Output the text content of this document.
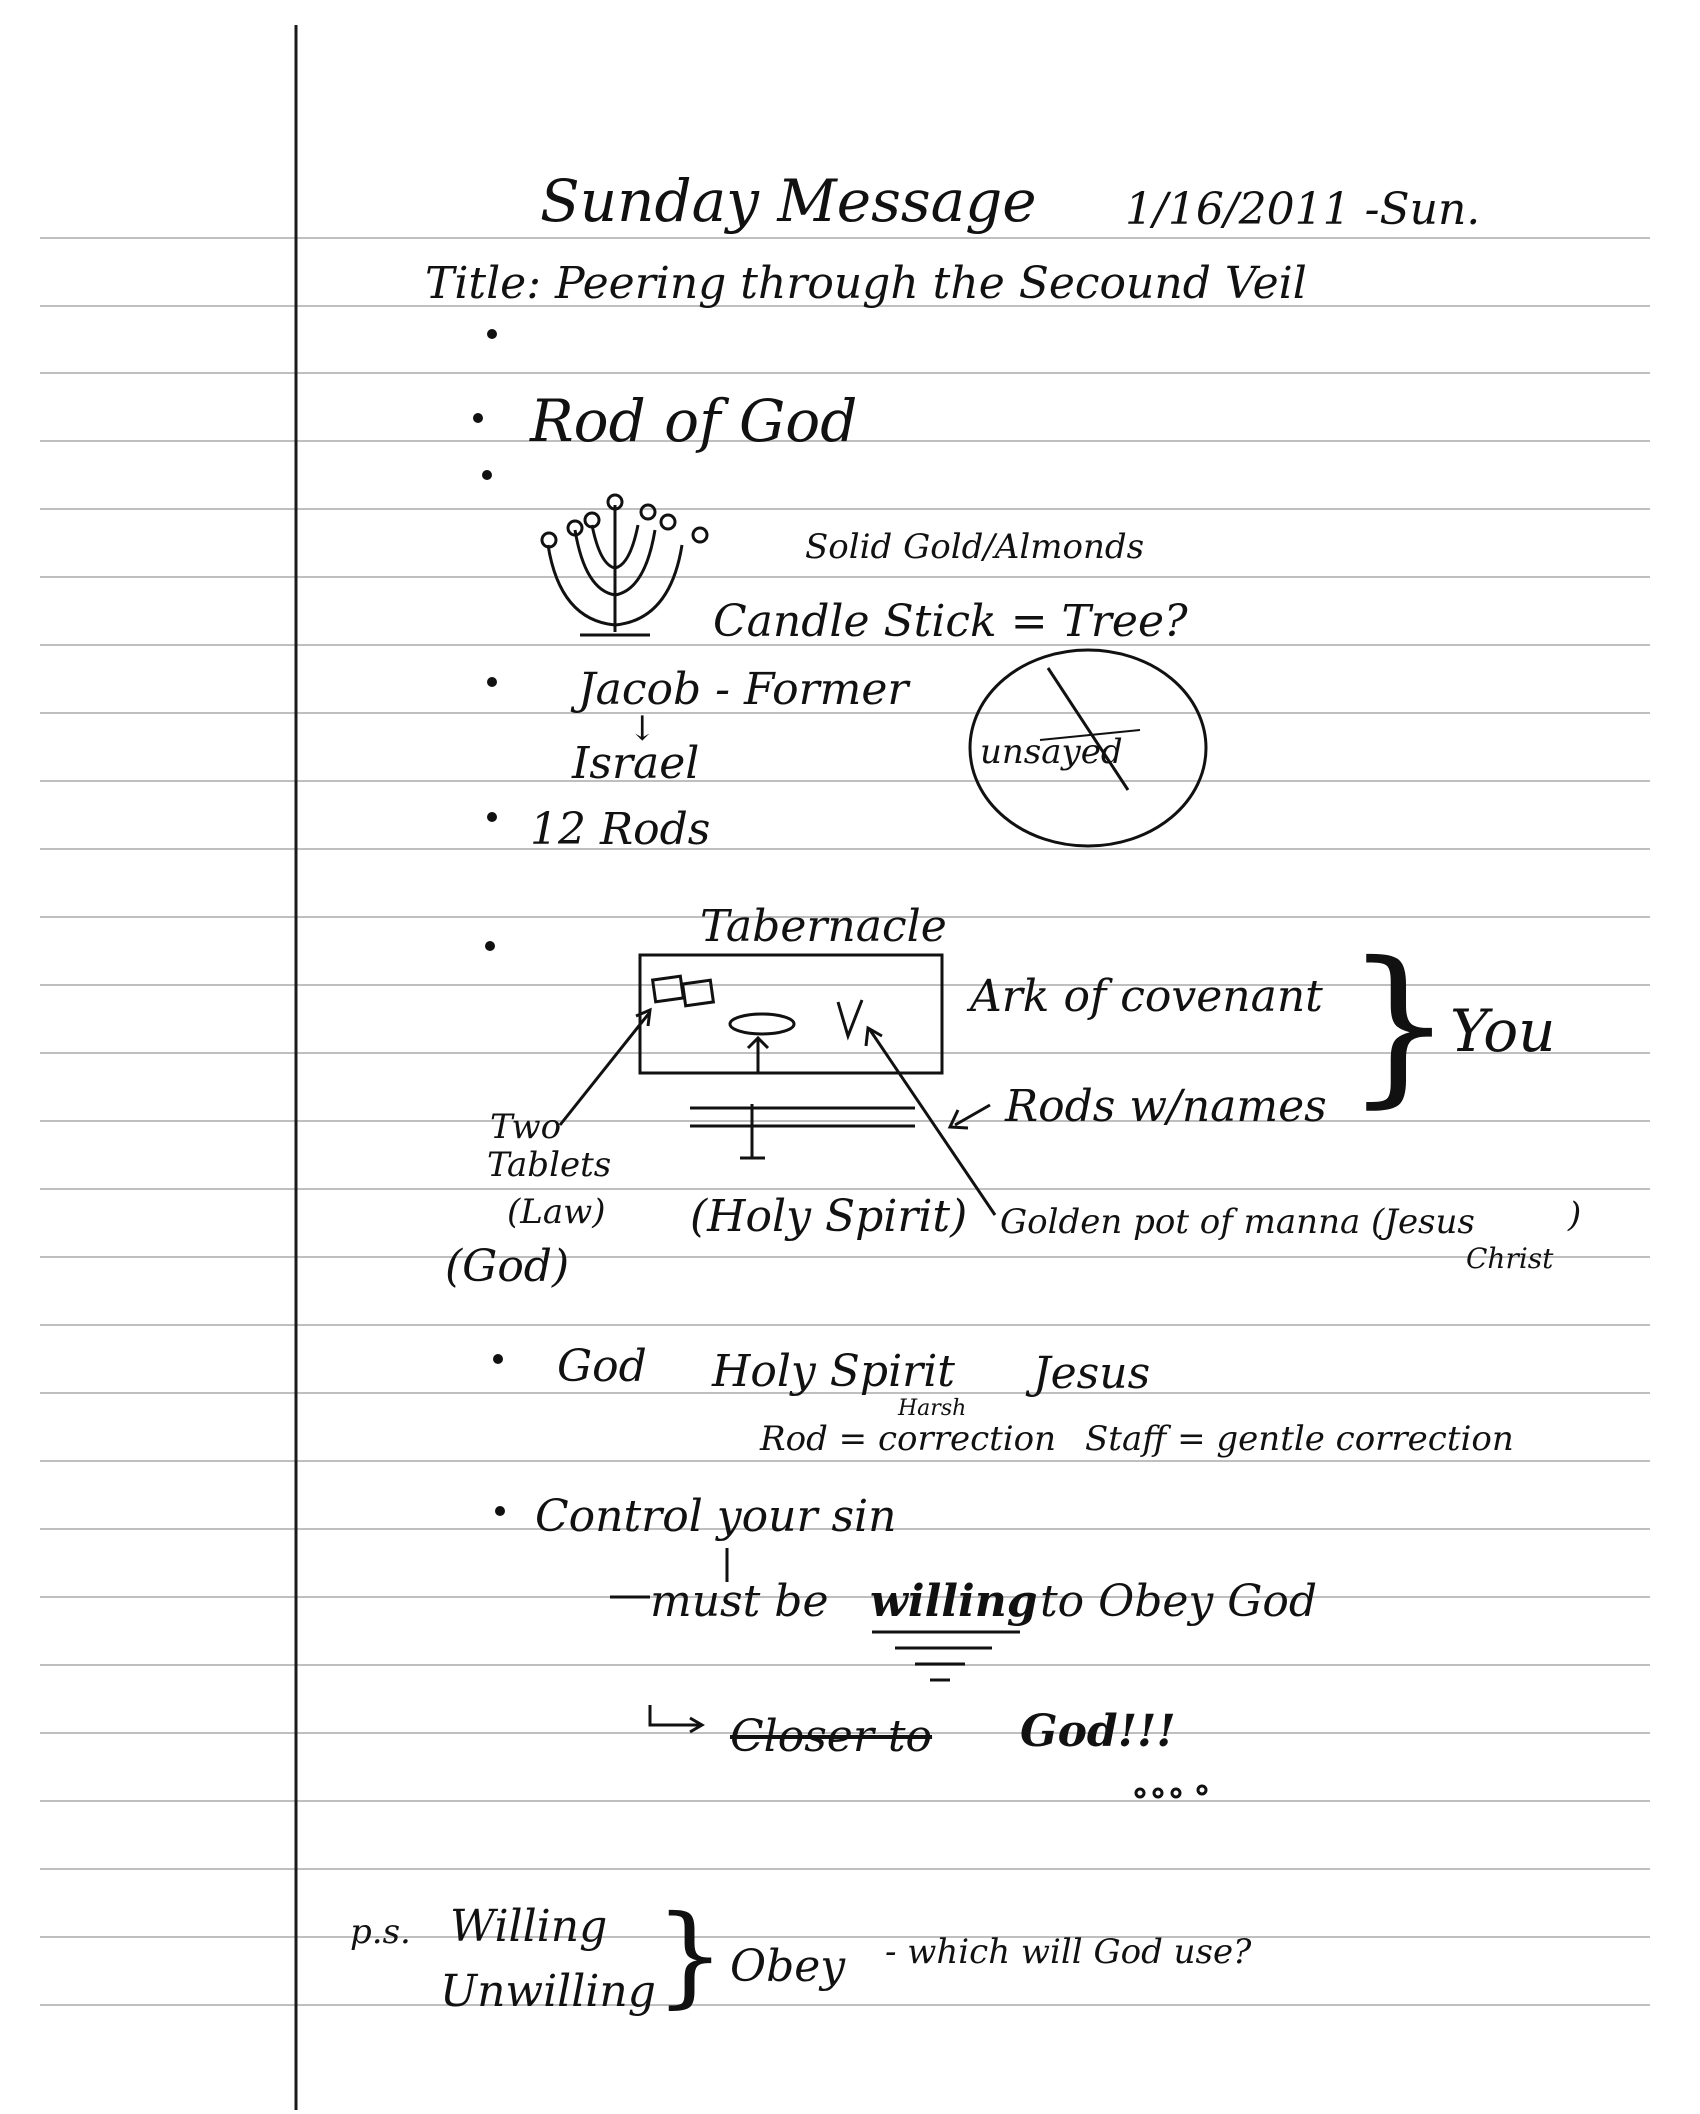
Sunday Message 1/16/2011 -Sun.
Title: Peering through the Secound Veil
Rod of God
Solid Gold/Almonds
Candle Stick = Tree?
Jacob - Former
↓
Israel	unsayed
12 Rods
Tabernacle
Ark of covenant }
You
Rods w/names
Two
Tablets
(Law)
(God)
(Holy Spirit) Golden pot of manna (Jesus	)
Christ
God Holy Spirit Jesus
Harsh
Rod = correction Staff = gentle correction
Control your sin
must be willing to Obey God
Closer to God!!!
p.s. Willing
Unwilling } Obey - which will God use?
